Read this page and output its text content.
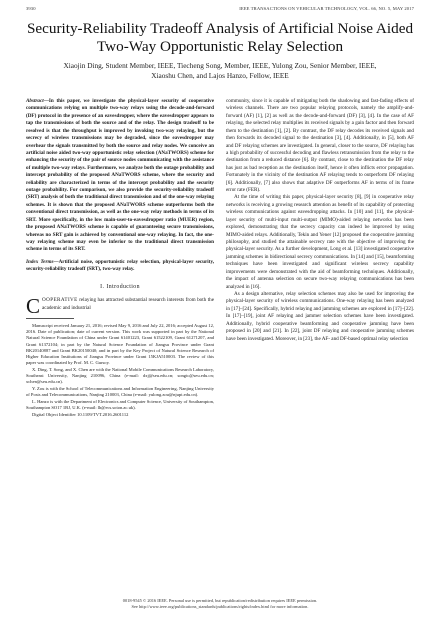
3930	IEEE TRANSACTIONS ON VEHICULAR TECHNOLOGY, VOL. 66, NO. 5, MAY 2017
Security-Reliability Tradeoff Analysis of Artificial Noise Aided Two-Way Opportunistic Relay Selection
Xiaojin Ding, Student Member, IEEE, Tiecheng Song, Member, IEEE, Yulong Zou, Senior Member, IEEE,
Xiaoshu Chen, and Lajos Hanzo, Fellow, IEEE

Abstract—In this paper, we investigate the physical-layer security of cooperative communications relying on multiple two-way relays using the decode-and-forward (DF) protocol in the presence of an eavesdropper, where the eavesdropper appears to tap the transmissions of both the source and of the relay. The design tradeoff to be resolved is that the throughput is improved by invoking two-way relaying, but the secrecy of wireless transmissions may be degraded, since the eavesdropper may overhear the signals transmitted by both the source and relay nodes. We conceive an artificial noise aided two-way opportunistic relay selection (ANaTWORS) scheme for enhancing the security of the pair of source nodes communicating with the assistance of multiple two-way relays. Furthermore, we analyze both the outage probability and intercept probability of the proposed ANaTWORS scheme, where the security and reliability are characterized in terms of the intercept probability and the security outage probability. For comparison, we also provide the security-reliability tradeoff (SRT) analysis of both the traditional direct transmission and of the one-way relaying schemes. It is shown that the proposed ANaTWORS scheme outperforms both the conventional direct transmission, as well as the one-way relay methods in terms of its SRT. More specifically, in the low main-user-to-eavesdropper ratio (MUER) region, the proposed ANaTWORS scheme is capable of guaranteeing secure transmissions, whereas no SRT gain is achieved by conventional one-way relaying. In fact, the one-way relaying scheme may even be inferior to the traditional direct transmission scheme in terms of its SRT.

Index Terms—Artificial noise, opportunistic relay selection, physical-layer security, security-reliability tradeoff (SRT), two-way relay.

I. Introduction

COOPERATIVE relaying has attracted substantial research interests from both the academic and industrial

Manuscript received January 21, 2016; revised May 9, 2016 and July 22, 2016; accepted August 12, 2016. Date of publication; date of current version. This work was supported in part by the National Natural Science Foundation of China under Grant 61401223, Grant 61522109, Grant 61271207, and Grant 61372104; in part by the Natural Science Foundation of Jiangsu Province under Grant BK20140887 and Grant BK20150040; and in part by the Key Project of Natural Science Research of Higher Education Institutions of Jiangsu Province under Grant 15KJA510003. The review of this paper was coordinated by Prof. M. C. Gursoy.

X. Ding, T. Song, and X. Chen are with the National Mobile Communications Research Laboratory, Southeast University, Nanjing 210096, China (e-mail: dxj@seu.edu.cn; songtc@seu.edu.cn; xchen@seu.edu.cn).

Y. Zou is with the School of Telecommunications and Information Engineering, Nanjing University of Posts and Telecommunications, Nanjing 210003, China (e-mail: yulong.zou@njupt.edu.cn).

L. Hanzo is with the Department of Electronics and Computer Science, University of Southampton, Southampton SO17 1BJ, U.K. (e-mail: lh@ecs.soton.ac.uk).

Digital Object Identifier 10.1109/TVT.2016.2601112

community, since it is capable of mitigating both the shadowing and fast-fading effects of wireless channels. There are two popular relaying protocols, namely the amplify-and-forward (AF) [1], [2] as well as the decode-and-forward (DF) [3], [4]. In the case of AF relaying, the selected relay multiplies its received signals by a gain factor and then forward them to the destination [1], [2]. By contrast, the DF relay decodes its received signals and then forwards its decoded signal to the destination [3], [4]. Additionally, in [5], both AF and DF relaying schemes are investigated. In general, closer to the source, DF relaying has a high probability of successful decoding and flawless retransmission from the relay to the destination from a reduced distance [6]. By contrast, close to the destination the DF relay has just as bad reception as the destination itself, hence it often inflicts error propagation. Fortunately in the vicinity of the destination AF relaying tends to outperform DF relaying [6]. Additionally, [7] also shows that adaptive DF outperforms AF in terms of its frame error rate (FER).

At the time of writing this paper, physical-layer security [8], [9] in cooperative relay networks is receiving a growing research attention as benefit of its capability of protecting wireless communications against eavesdropping attacks. In [10] and [11], the physical-layer security of multi-input multi-output (MIMO)-aided relaying networks has been explored, demonstrating that the secrecy capacity can indeed be improved by using MIMO-aided relays. Additionally, Tekin and Yener [12] proposed the cooperative jamming philosophy, and studied the attainable secrecy rate with the objective of improving the physical-layer security. As a further development, Long et al. [13] investigated cooperative jamming schemes in bidirectional secrecy communications. In [14] and [15], beamforming techniques have been investigated and significant wireless secrecy capability improvements were demonstrated with the aid of beamforming techniques. Additionally, the impact of antenna selection on secure two-way relaying communications has been analyzed in [16].

As a design alternative, relay selection schemes may also be used for improving the physical-layer security of wireless communications. One-way relaying has been analyzed in [17]–[24]. Specifically, hybrid relaying and jamming schemes are explored in [17]–[22]. In [17]–[19], joint AF relaying and jammer selection schemes have been investigated. Additionally, hybrid cooperative beamforming and cooperative jamming have been proposed in [20] and [21]. In [22], joint DF relaying and cooperative jamming schemes have been investigated. Moreover, in [23], the AF- and DF-based optimal relay selection

0018-9545 © 2016 IEEE. Personal use is permitted, but republication/redistribution requires IEEE permission.
See http://www.ieee.org/publications_standards/publications/rights/index.html for more information.
